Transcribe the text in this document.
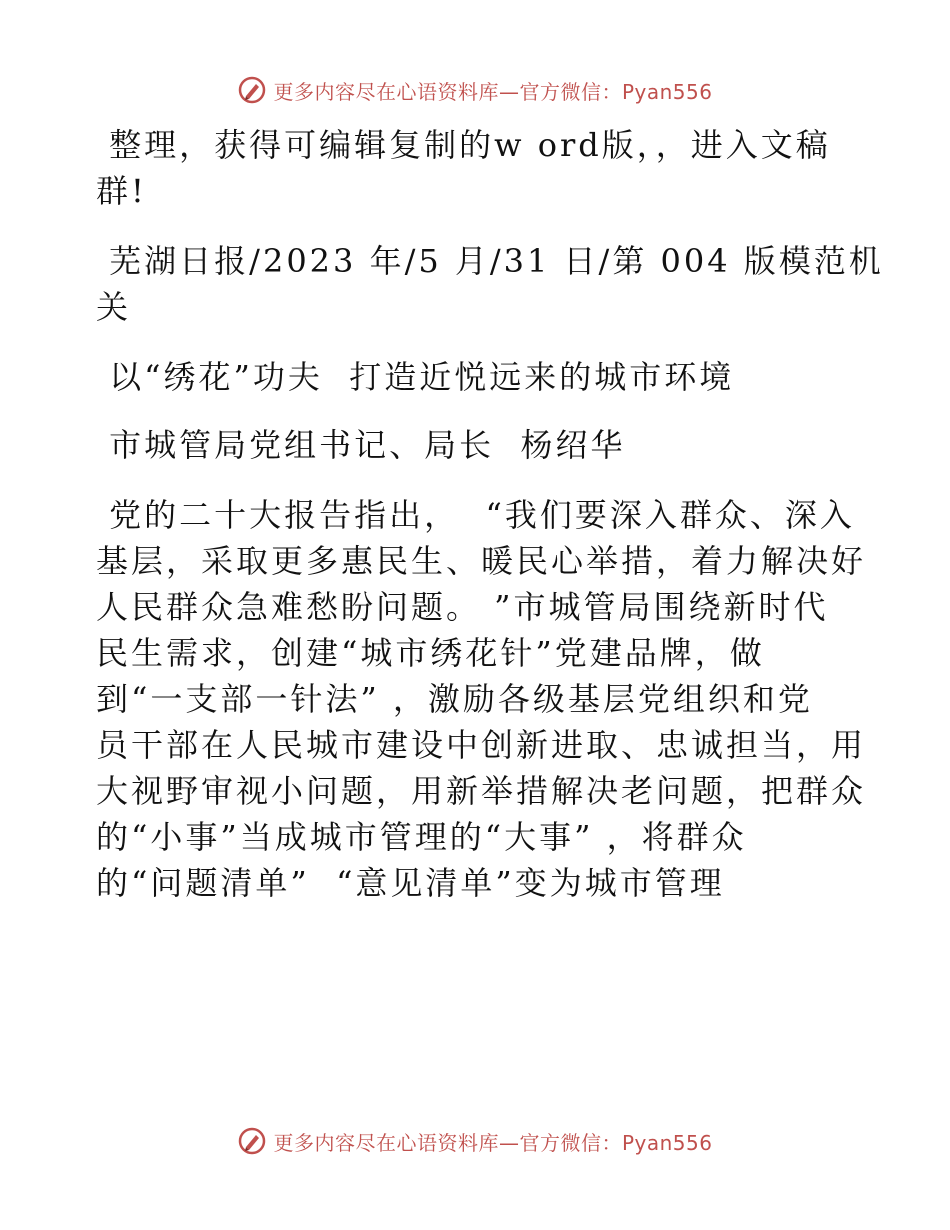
更多内容尽在心语资料库—官方微信：Pyan556
整理，获得可编辑复制的w ord版，，进入文稿
群!
芜湖日报/2023 年/5 月/31 日/第 004 版模范机
关
以“绣花”功夫  打造近悦远来的城市环境
市城管局党组书记、局长  杨绍华
党的二十大报告指出，  “我们要深入群众、深入
基层，采取更多惠民生、暖民心举措，着力解决好
人民群众急难愁盼问题。 ”市城管局围绕新时代
民生需求，创建“城市绣花针”党建品牌，做
到“一支部一针法” ，激励各级基层党组织和党
员干部在人民城市建设中创新进取、忠诚担当，用
大视野审视小问题，用新举措解决老问题，把群众
的“小事”当成城市管理的“大事” ，将群众
的“问题清单”  “意见清单”变为城市管理
更多内容尽在心语资料库—官方微信：Pyan556
